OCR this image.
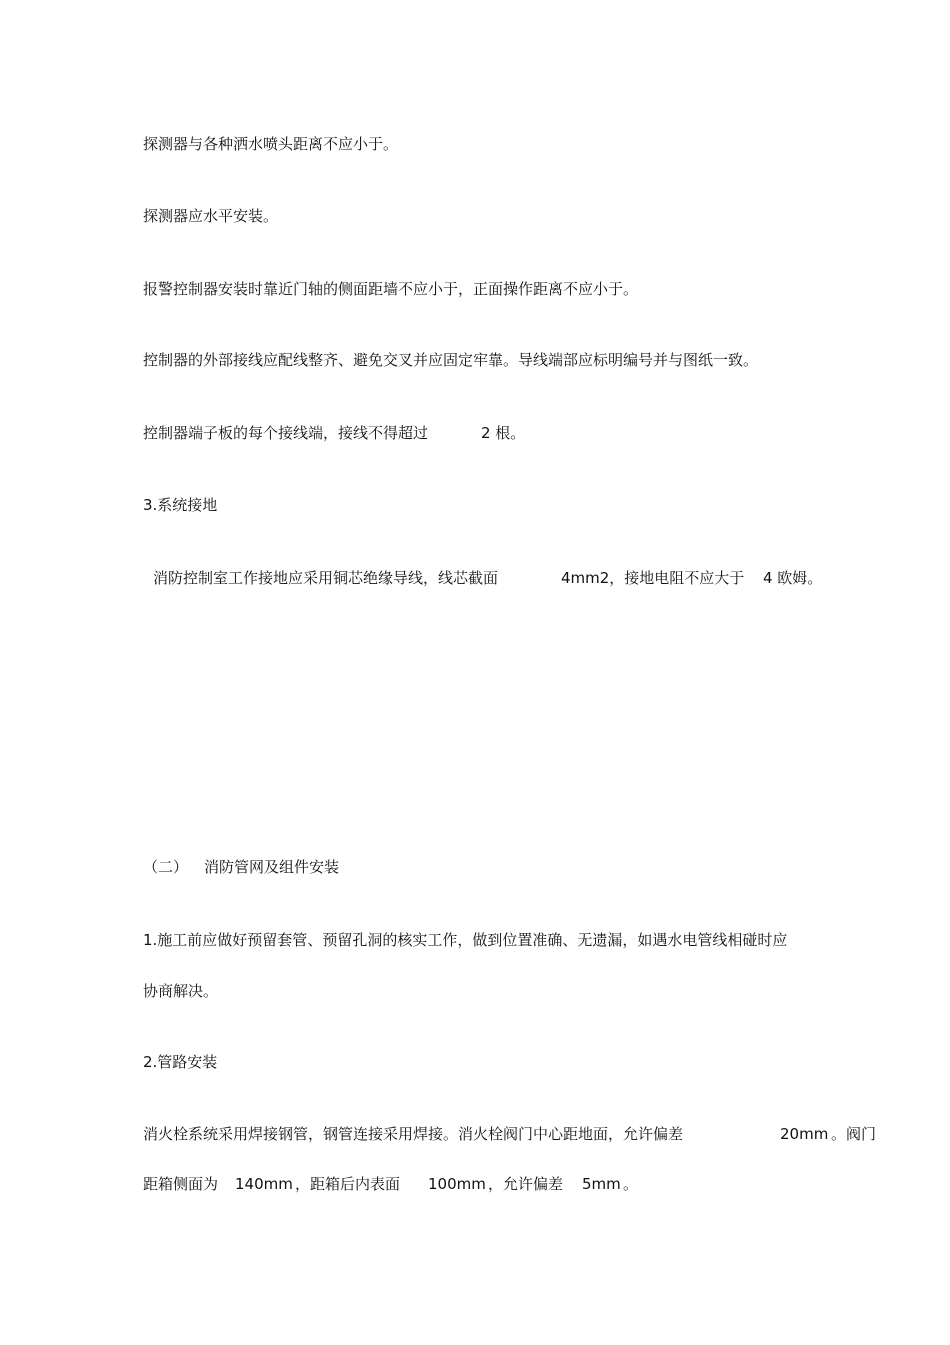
探测器与各种洒水喷头距离不应小于。
探测器应水平安装。
报警控制器安装时靠近门轴的侧面距墙不应小于，正面操作距离不应小于。
控制器的外部接线应配线整齐、避免交叉并应固定牢靠。导线端部应标明编号并与图纸一致。

控制器端子板的每个接线端，接线不得超过

	2 根。

3.系统接地

消防控制室工作接地应采用铜芯绝缘导线，线芯截面

	4mm2，接地电阻不应大于

4 欧姆。

（二）

消防管网及组件安装

1.施工前应做好预留套管、预留孔洞的核实工作，做到位置准确、无遗漏，如遇水电管线相碰时应
协商解决。
2.管路安装

消火栓系统采用焊接钢管，钢管连接采用焊接。消火栓阀门中心距地面，允许偏差

	20mm

。阀门

距箱侧面为

140mm

，距箱后内表面

100mm

，允许偏差

5mm

。
